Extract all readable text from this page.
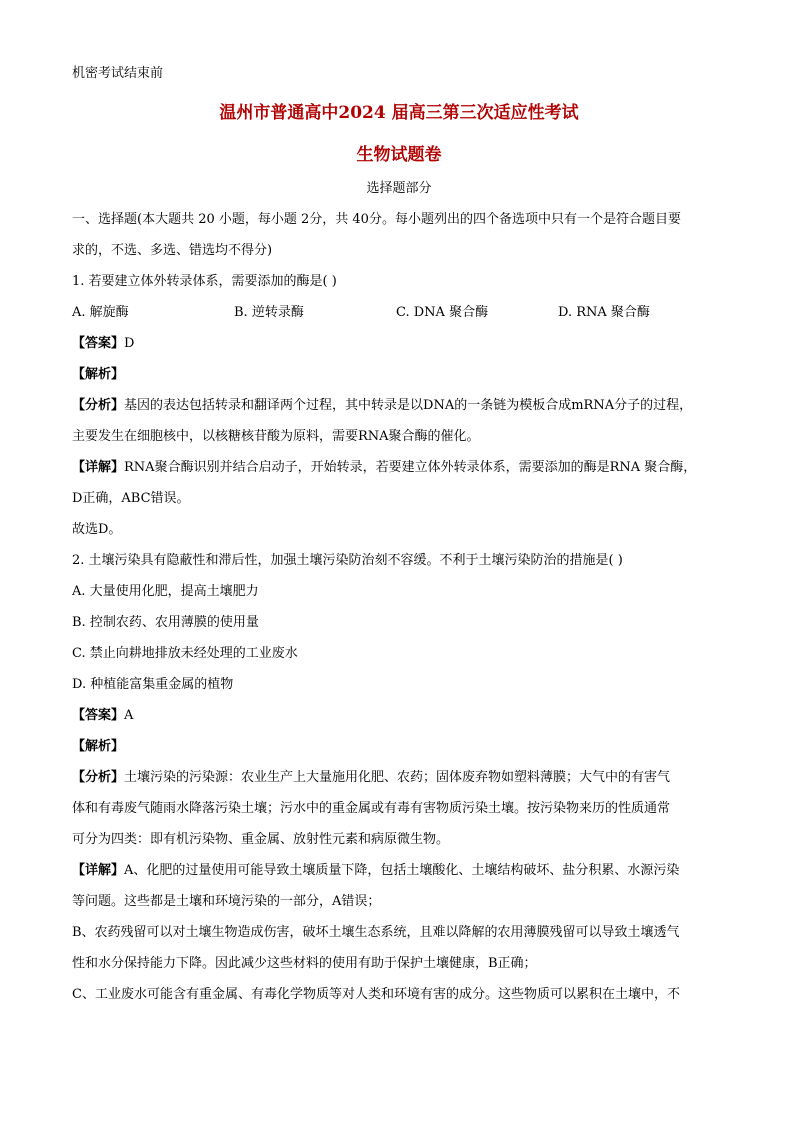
机密考试结束前

温州市普通高中2024 届高三第三次适应性考试

生物试题卷

选择题部分

一、选择题(本大题共 20 小题，每小题 2分，共 40分。每小题列出的四个备选项中只有一个是符合题目要

求的，不选、多选、错选均不得分)

1. 若要建立体外转录体系，需要添加的酶是( )

A. 解旋酶	B. 逆转录酶	C. DNA 聚合酶	D. RNA 聚合酶

【答案】D

【解析】

【分析】基因的表达包括转录和翻译两个过程，其中转录是以DNA的一条链为模板合成mRNA分子的过程，

主要发生在细胞核中，以核糖核苷酸为原料，需要RNA聚合酶的催化。

【详解】RNA聚合酶识别并结合启动子，开始转录，若要建立体外转录体系，需要添加的酶是RNA 聚合酶，

D正确，ABC错误。

故选D。

2. 土壤污染具有隐蔽性和滞后性，加强土壤污染防治刻不容缓。不利于土壤污染防治的措施是( )

A. 大量使用化肥，提高土壤肥力

B. 控制农药、农用薄膜的使用量

C. 禁止向耕地排放未经处理的工业废水

D. 种植能富集重金属的植物

【答案】A

【解析】

【分析】土壤污染的污染源：农业生产上大量施用化肥、农药；固体废弃物如塑料薄膜；大气中的有害气

体和有毒废气随雨水降落污染土壤；污水中的重金属或有毒有害物质污染土壤。按污染物来历的性质通常

可分为四类：即有机污染物、重金属、放射性元素和病原微生物。

【详解】A、化肥的过量使用可能导致土壤质量下降，包括土壤酸化、土壤结构破坏、盐分积累、水源污染

等问题。这些都是土壤和环境污染的一部分，A错误；

B、农药残留可以对土壤生物造成伤害，破坏土壤生态系统，且难以降解的农用薄膜残留可以导致土壤透气

性和水分保持能力下降。因此减少这些材料的使用有助于保护土壤健康，B正确；

C、工业废水可能含有重金属、有毒化学物质等对人类和环境有害的成分。这些物质可以累积在土壤中，不
